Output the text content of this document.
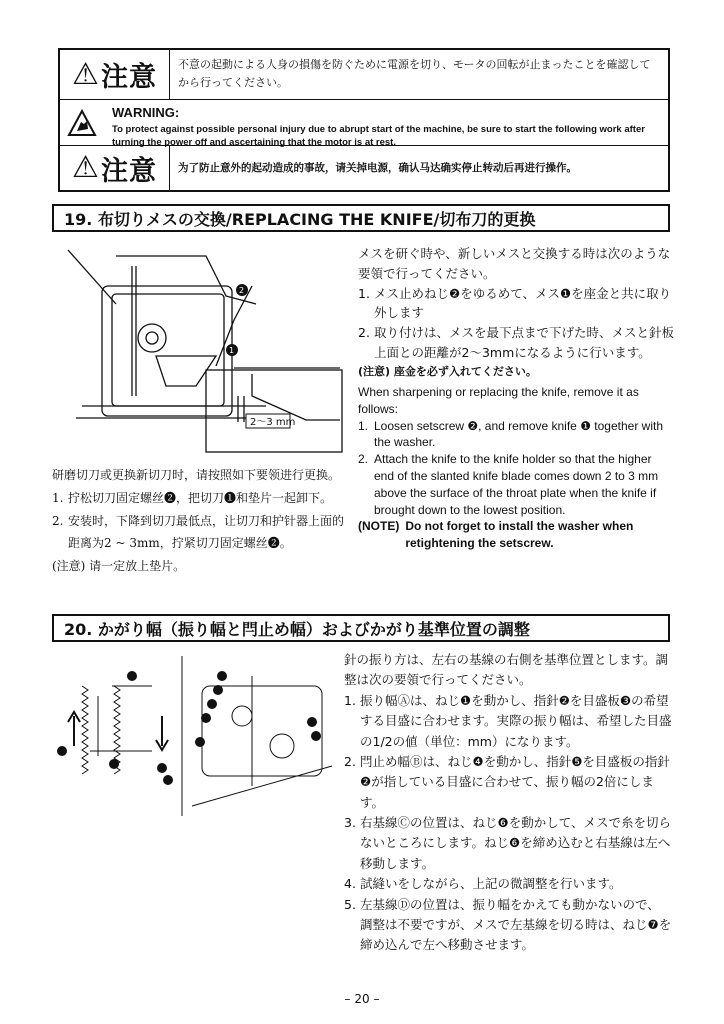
⚠ 注意	不意の起動による人身の損傷を防ぐために電源を切り、モータの回転が止まったことを確認してから行ってください。
WARNING:
To protect against possible personal injury due to abrupt start of the machine, be sure to start the following work after turning the power off and ascertaining that the motor is at rest.
⚠ 注意	为了防止意外的起动造成的事故，请关掉电源，确认马达确实停止转动后再进行操作。
19. 布切りメスの交換/REPLACING THE KNIFE/切布刀的更换
2
1
2～3 mm
メスを研ぐ時や、新しいメスと交換する時は次のような要領で行ってください。
1. メス止めねじ❷をゆるめて、メス❶を座金と共に取り外します
2. 取り付けは、メスを最下点まで下げた時、メスと針板上面との距離が2～3mmになるように行います。
(注意) 座金を必ず入れてください。
When sharpening or replacing the knife, remove it as follows:
1. Loosen setscrew ❷, and remove knife ❶ together with the washer.
2. Attach the knife to the knife holder so that the higher end of the slanted knife blade comes down 2 to 3 mm above the surface of the throat plate when the knife if brought down to the lowest position.
(NOTE) Do not forget to install the washer when retightening the setscrew.
研磨切刀或更换新切刀时，请按照如下要领进行更换。
1. 拧松切刀固定螺丝❷，把切刀❶和垫片一起卸下。
2. 安装时，下降到切刀最低点，让切刀和护针器上面的距离为2 ~ 3mm，拧紧切刀固定螺丝❷。
(注意) 请一定放上垫片。
20. かがり幅（振り幅と閂止め幅）およびかがり基準位置の調整
針の振り方は、左右の基線の右側を基準位置とします。調整は次の要領で行ってください。
1. 振り幅Ⓐは、ねじ❶を動かし、指針❷を目盛板❸の希望する目盛に合わせます。実際の振り幅は、希望した目盛の1/2の値（単位：mm）になります。
2. 閂止め幅Ⓑは、ねじ❹を動かし、指針❺を目盛板の指針❷が指している目盛に合わせて、振り幅の2倍にします。
3. 右基線Ⓒの位置は、ねじ❻を動かして、メスで糸を切らないところにします。ねじ❻を締め込むと右基線は左へ移動します。
4. 試縫いをしながら、上記の微調整を行います。
5. 左基線Ⓓの位置は、振り幅をかえても動かないので、調整は不要ですが、メスで左基線を切る時は、ねじ❼を締め込んで左へ移動させます。
– 20 –
